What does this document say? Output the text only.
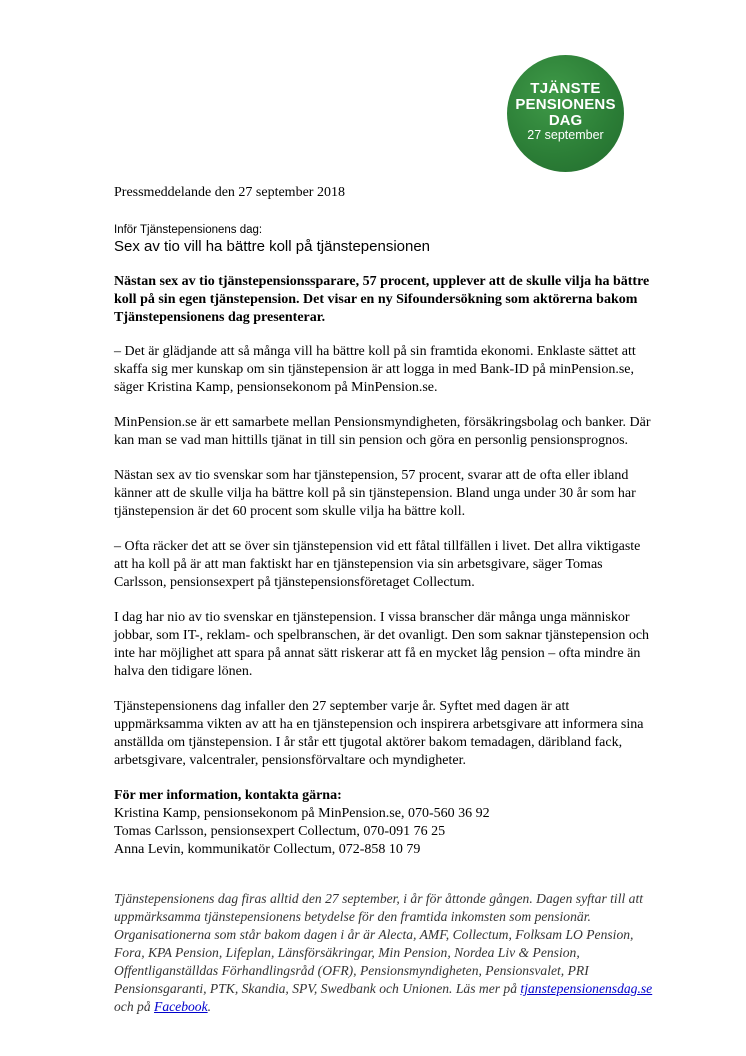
TJÄNSTE
PENSIONENS
DAG
27 september
Pressmeddelande den 27 september 2018
Inför Tjänstepensionens dag:
Sex av tio vill ha bättre koll på tjänstepensionen

Nästan sex av tio tjänstepensionssparare, 57 procent, upplever att de skulle vilja ha bättre koll på sin egen tjänstepension. Det visar en ny Sifoundersökning som aktörerna bakom Tjänstepensionens dag presenterar.

– Det är glädjande att så många vill ha bättre koll på sin framtida ekonomi. Enklaste sättet att skaffa sig mer kunskap om sin tjänstepension är att logga in med Bank-ID på minPension.se, säger Kristina Kamp, pensionsekonom på MinPension.se.

MinPension.se är ett samarbete mellan Pensionsmyndigheten, försäkringsbolag och banker. Där kan man se vad man hittills tjänat in till sin pension och göra en personlig pensionsprognos.

Nästan sex av tio svenskar som har tjänstepension, 57 procent, svarar att de ofta eller ibland känner att de skulle vilja ha bättre koll på sin tjänstepension. Bland unga under 30 år som har tjänstepension är det 60 procent som skulle vilja ha bättre koll.

– Ofta räcker det att se över sin tjänstepension vid ett fåtal tillfällen i livet. Det allra viktigaste att ha koll på är att man faktiskt har en tjänstepension via sin arbetsgivare, säger Tomas Carlsson, pensionsexpert på tjänstepensionsföretaget Collectum.

I dag har nio av tio svenskar en tjänstepension. I vissa branscher där många unga människor jobbar, som IT-, reklam- och spelbranschen, är det ovanligt. Den som saknar tjänstepension och inte har möjlighet att spara på annat sätt riskerar att få en mycket låg pension – ofta mindre än halva den tidigare lönen.

Tjänstepensionens dag infaller den 27 september varje år. Syftet med dagen är att uppmärksamma vikten av att ha en tjänstepension och inspirera arbetsgivare att informera sina anställda om tjänstepension. I år står ett tjugotal aktörer bakom temadagen, däribland fack, arbetsgivare, valcentraler, pensionsförvaltare och myndigheter.

För mer information, kontakta gärna:
Kristina Kamp, pensionsekonom på MinPension.se, 070-560 36 92
Tomas Carlsson, pensionsexpert Collectum, 070-091 76 25
Anna Levin, kommunikatör Collectum, 072-858 10 79
Tjänstepensionens dag firas alltid den 27 september, i år för åttonde gången. Dagen syftar till att uppmärksamma tjänstepensionens betydelse för den framtida inkomsten som pensionär. Organisationerna som står bakom dagen i år är Alecta, AMF, Collectum, Folksam LO Pension, Fora, KPA Pension, Lifeplan, Länsförsäkringar, Min Pension, Nordea Liv & Pension, Offentliganställdas Förhandlingsråd (OFR), Pensionsmyndigheten, Pensionsvalet, PRI Pensionsgaranti, PTK, Skandia, SPV, Swedbank och Unionen. Läs mer på tjanstepensionensdag.se och på Facebook.
